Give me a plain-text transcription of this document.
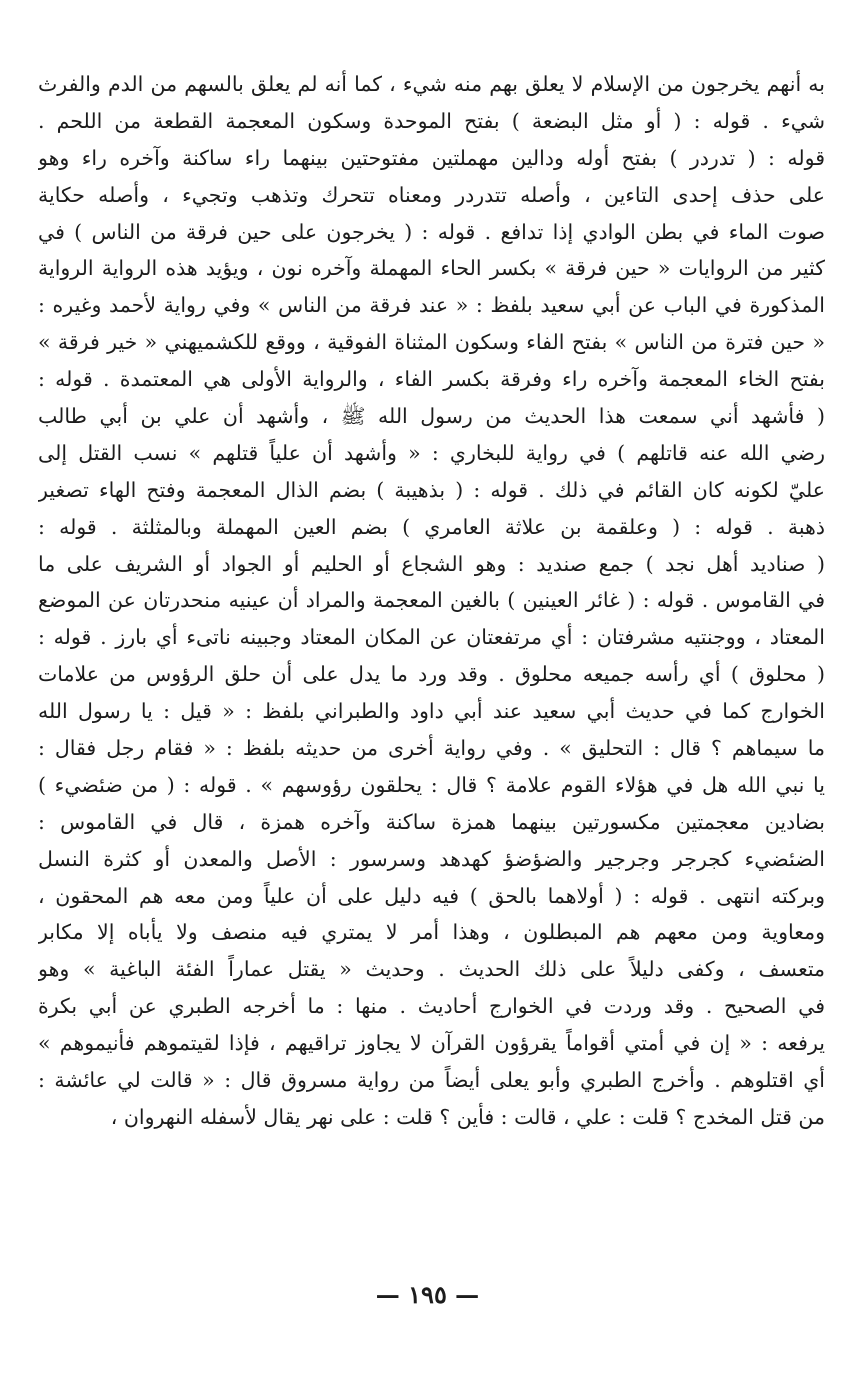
به أنهم يخرجون من الإسلام لا يعلق بهم منه شيء ، كما أنه لم يعلق بالسهم من الدم والفرث
شيء . قوله : ( أو مثل البضعة ) بفتح الموحدة وسكون المعجمة القطعة من اللحم .
قوله : ( تدردر ) بفتح أوله ودالين مهملتين مفتوحتين بينهما راء ساكنة وآخره راء وهو
على حذف إحدى التاءين ، وأصله تتدردر ومعناه تتحرك وتذهب وتجيء ، وأصله حكاية
صوت الماء في بطن الوادي إذا تدافع . قوله : ( يخرجون على حين فرقة من الناس ) في
كثير من الروايات « حين فرقة » بكسر الحاء المهملة وآخره نون ، ويؤيد هذه الرواية الرواية
المذكورة في الباب عن أبي سعيد بلفظ : « عند فرقة من الناس » وفي رواية لأحمد وغيره :
« حين فترة من الناس » بفتح الفاء وسكون المثناة الفوقية ، ووقع للكشميهني « خير فرقة »
بفتح الخاء المعجمة وآخره راء وفرقة بكسر الفاء ، والرواية الأولى هي المعتمدة . قوله :
( فأشهد أني سمعت هذا الحديث من رسول الله ﷺ ، وأشهد أن علي بن أبي طالب
رضي الله عنه قاتلهم ) في رواية للبخاري : « وأشهد أن علياً قتلهم » نسب القتل إلى
عليّ لكونه كان القائم في ذلك . قوله : ( بذهيبة ) بضم الذال المعجمة وفتح الهاء تصغير
ذهبة . قوله : ( وعلقمة بن علاثة العامري ) بضم العين المهملة وبالمثلثة . قوله :
( صناديد أهل نجد ) جمع صنديد : وهو الشجاع أو الحليم أو الجواد أو الشريف على ما
في القاموس . قوله : ( غائر العينين ) بالغين المعجمة والمراد أن عينيه منحدرتان عن الموضع
المعتاد ، ووجنتيه مشرفتان : أي مرتفعتان عن المكان المعتاد وجبينه ناتىء أي بارز . قوله :
( محلوق ) أي رأسه جميعه محلوق . وقد ورد ما يدل على أن حلق الرؤوس من علامات
الخوارج كما في حديث أبي سعيد عند أبي داود والطبراني بلفظ : « قيل : يا رسول الله
ما سيماهم ؟ قال : التحليق » . وفي رواية أخرى من حديثه بلفظ : « فقام رجل فقال :
يا نبي الله هل في هؤلاء القوم علامة ؟ قال : يحلقون رؤوسهم » . قوله : ( من ضئضيء )
بضادين معجمتين مكسورتين بينهما همزة ساكنة وآخره همزة ، قال في القاموس :
الضئضيء كجرجر وجرجير والضؤضؤ كهدهد وسرسور : الأصل والمعدن أو كثرة النسل
وبركته انتهى . قوله : ( أولاهما بالحق ) فيه دليل على أن علياً ومن معه هم المحقون ،
ومعاوية ومن معهم هم المبطلون ، وهذا أمر لا يمتري فيه منصف ولا يأباه إلا مكابر
متعسف ، وكفى دليلاً على ذلك الحديث . وحديث « يقتل عماراً الفئة الباغية » وهو
في الصحيح . وقد وردت في الخوارج أحاديث . منها : ما أخرجه الطبري عن أبي بكرة
يرفعه : « إن في أمتي أقواماً يقرؤون القرآن لا يجاوز تراقيهم ، فإذا لقيتموهم فأنيموهم »
أي اقتلوهم . وأخرج الطبري وأبو يعلى أيضاً من رواية مسروق قال : « قالت لي عائشة :
من قتل المخدج ؟ قلت : علي ، قالت : فأين ؟ قلت : على نهر يقال لأسفله النهروان ،
— ١٩٥ —
